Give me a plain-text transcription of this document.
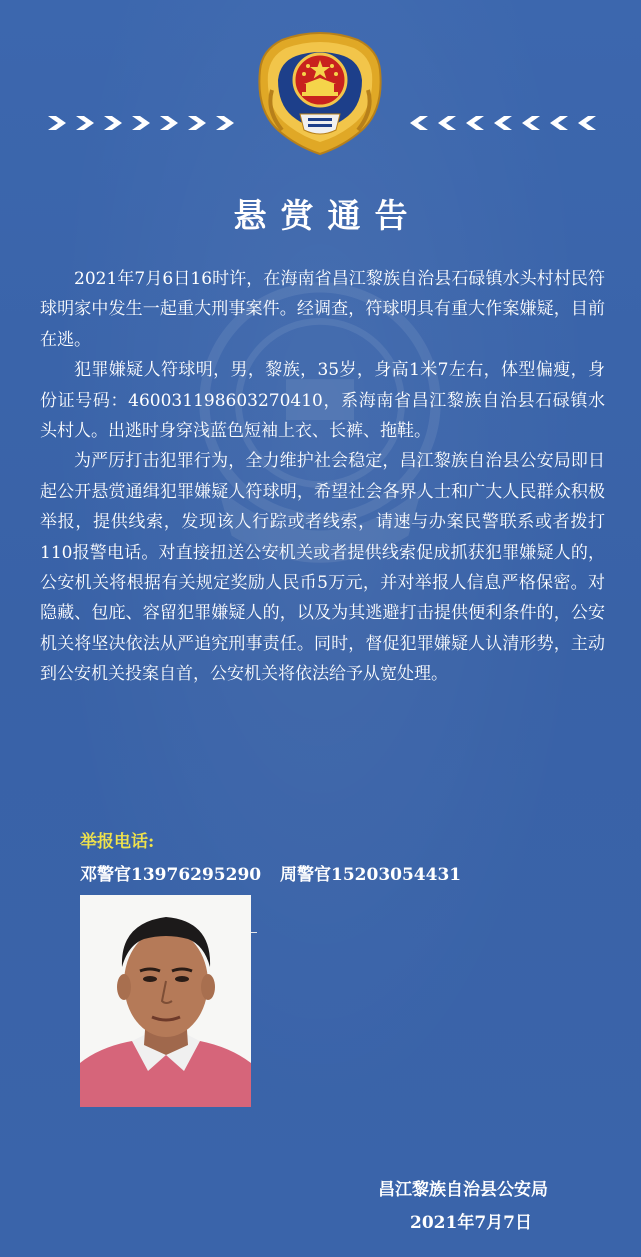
悬赏通告

2021年7月6日16时许，在海南省昌江黎族自治县石碌镇水头村村民符球明家中发生一起重大刑事案件。经调查，符球明具有重大作案嫌疑，目前在逃。

犯罪嫌疑人符球明，男，黎族，35岁，身高1米7左右，体型偏瘦，身份证号码：460031198603270410，系海南省昌江黎族自治县石碌镇水头村人。出逃时身穿浅蓝色短袖上衣、长裤、拖鞋。

为严厉打击犯罪行为，全力维护社会稳定，昌江黎族自治县公安局即日起公开悬赏通缉犯罪嫌疑人符球明，希望社会各界人士和广大人民群众积极举报，提供线索，发现该人行踪或者线索，请速与办案民警联系或者拨打110报警电话。对直接扭送公安机关或者提供线索促成抓获犯罪嫌疑人的，公安机关将根据有关规定奖励人民币5万元，并对举报人信息严格保密。对隐藏、包庇、容留犯罪嫌疑人的，以及为其逃避打击提供便利条件的，公安机关将坚决依法从严追究刑事责任。同时，督促犯罪嫌疑人认清形势，主动到公安机关投案自首，公安机关将依法给予从宽处理。

举报电话:
邓警官13976295290	周警官15203054431
昌江黎族自治县公安局
2021年7月7日
